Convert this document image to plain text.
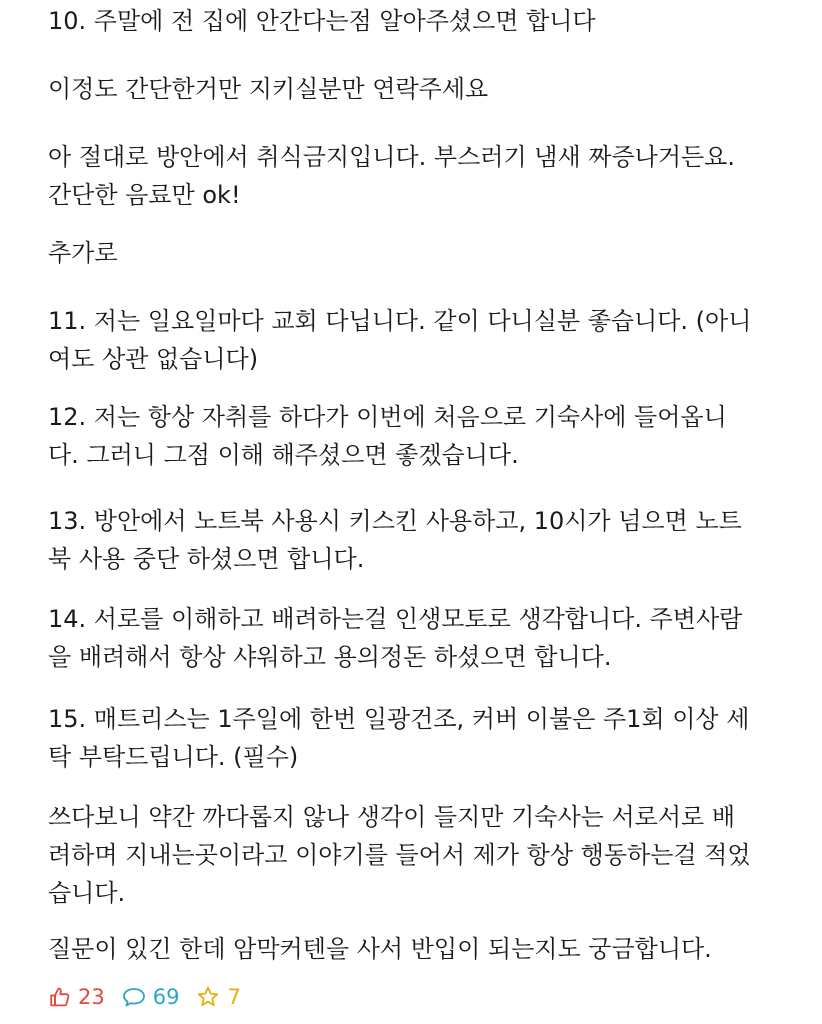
10. 주말에 전 집에 안간다는점 알아주셨으면 합니다

이정도 간단한거만 지키실분만 연락주세요

아 절대로 방안에서 취식금지입니다. 부스러기 냄새 짜증나거든요.
간단한 음료만 ok!

추가로

11. 저는 일요일마다 교회 다닙니다. 같이 다니실분 좋습니다. (아니
여도 상관 없습니다)

12. 저는 항상 자취를 하다가 이번에 처음으로 기숙사에 들어옵니
다. 그러니 그점 이해 해주셨으면 좋겠습니다.

13. 방안에서 노트북 사용시 키스킨 사용하고, 10시가 넘으면 노트
북 사용 중단 하셨으면 합니다.

14. 서로를 이해하고 배려하는걸 인생모토로 생각합니다. 주변사람
을 배려해서 항상 샤워하고 용의정돈 하셨으면 합니다.

15. 매트리스는 1주일에 한번 일광건조, 커버 이불은 주1회 이상 세
탁 부탁드립니다. (필수)

쓰다보니 약간 까다롭지 않나 생각이 들지만 기숙사는 서로서로 배
려하며 지내는곳이라고 이야기를 들어서 제가 항상 행동하는걸 적었
습니다.

질문이 있긴 한데 암막커텐을 사서 반입이 되는지도 궁금합니다.

23 69 7
